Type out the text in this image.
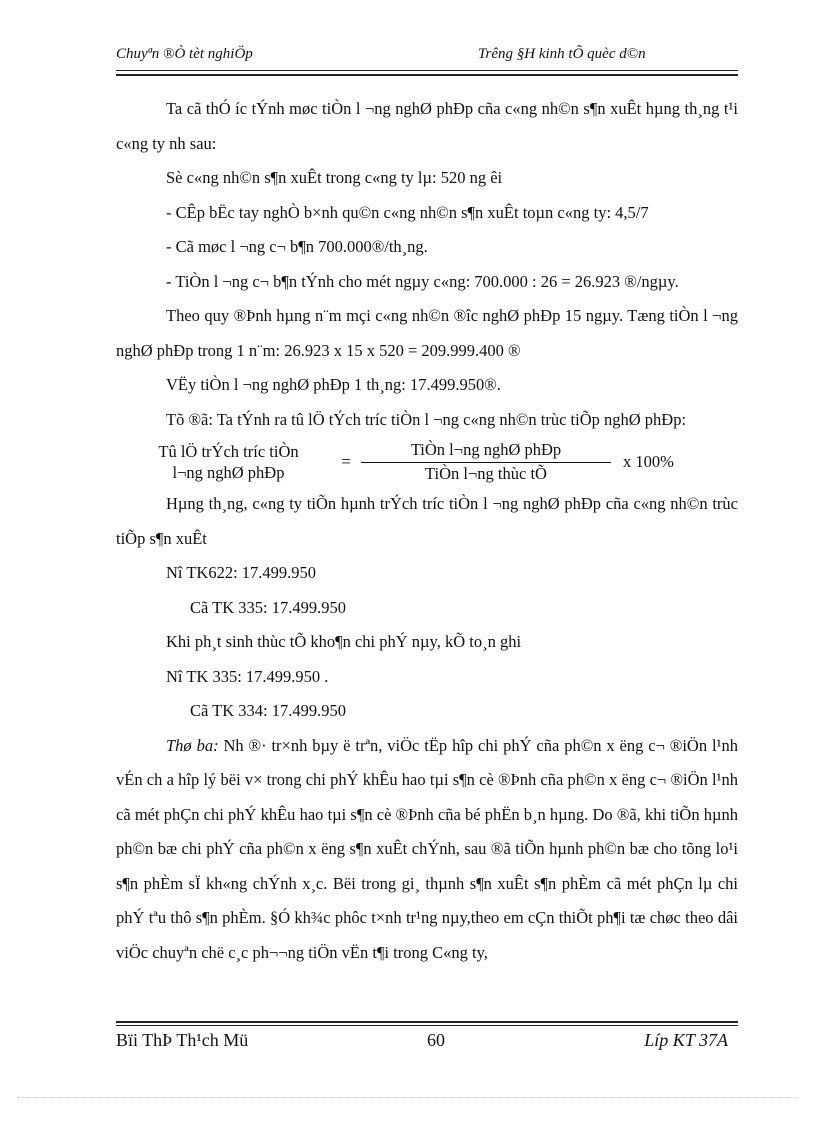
Chuyªn ®Ò tèt nghiÖp	Trêng §H kinh tÕ quèc d©n

Ta cã thÓ íc tÝnh møc tiÒn l ¬ng nghØ phÐp cña c«ng nh©n s¶n xuÊt hµng th¸ng t¹i c«ng ty nh sau:

Sè c«ng nh©n s¶n xuÊt trong c«ng ty lµ: 520 ng êi

- CÊp bËc tay nghÒ b×nh qu©n c«ng nh©n s¶n xuÊt toµn c«ng ty: 4,5/7

- Cã møc l ¬ng c¬ b¶n 700.000®/th¸ng.

- TiÒn l ¬ng c¬ b¶n tÝnh cho mét ngµy c«ng: 700.000 : 26 = 26.923 ®/ngµy.

Theo quy ®Þnh hµng n¨m mçi c«ng nh©n ®îc nghØ phÐp 15 ngµy. Tæng tiÒn l ¬ng nghØ phÐp trong 1 n¨m: 26.923 x 15 x 520 = 209.999.400 ®

VËy tiÒn l ¬ng nghØ phÐp 1 th¸ng: 17.499.950®.

Tõ ®ã: Ta tÝnh ra tû lÖ tÝch tríc tiÒn l ¬ng c«ng nh©n trùc tiÕp nghØ phÐp:

Tû lÖ trÝch tríc tiÒn
l¬ng nghØ phÐp
= $\frac{\text{TiÒn l¬ng nghØ phÐp}}{\text{TiÒn l¬ng thùc tÕ}}$ x 100%

Hµng th¸ng, c«ng ty tiÕn hµnh trÝch tríc tiÒn l ¬ng nghØ phÐp cña c«ng nh©n trùc tiÕp s¶n xuÊt

Nî TK622: 17.499.950

Cã TK 335: 17.499.950

Khi ph¸t sinh thùc tÕ kho¶n chi phÝ nµy, kÕ to¸n ghi

Nî TK 335: 17.499.950 .

Cã TK 334: 17.499.950

Thø ba: Nh ®· tr×nh bµy ë trªn, viÖc tËp hîp chi phÝ cña ph©n x ëng c¬ ®iÖn l¹nh vÉn ch a hîp lý bëi v× trong chi phÝ khÊu hao tµi s¶n cè ®Þnh cña ph©n x ëng c¬ ®iÖn l¹nh cã mét phÇn chi phÝ khÊu hao tµi s¶n cè ®Þnh cña bé phËn b¸n hµng. Do ®ã, khi tiÕn hµnh ph©n bæ chi phÝ cña ph©n x ëng s¶n xuÊt chÝnh, sau ®ã tiÕn hµnh ph©n bæ cho tõng lo¹i s¶n phÈm sÏ kh«ng chÝnh x¸c. Bëi trong gi¸ thµnh s¶n xuÊt s¶n phÈm cã mét phÇn lµ chi phÝ tªu thô s¶n phÈm. §Ó kh¾c phôc t×nh tr¹ng nµy,theo em cÇn thiÕt ph¶i tæ chøc theo dâi viÖc chuyªn chë c¸c ph¬¬ng tiÖn vËn t¶i trong C«ng ty,

Bïi ThÞ Th¹ch Mü	60	Líp KT 37A
